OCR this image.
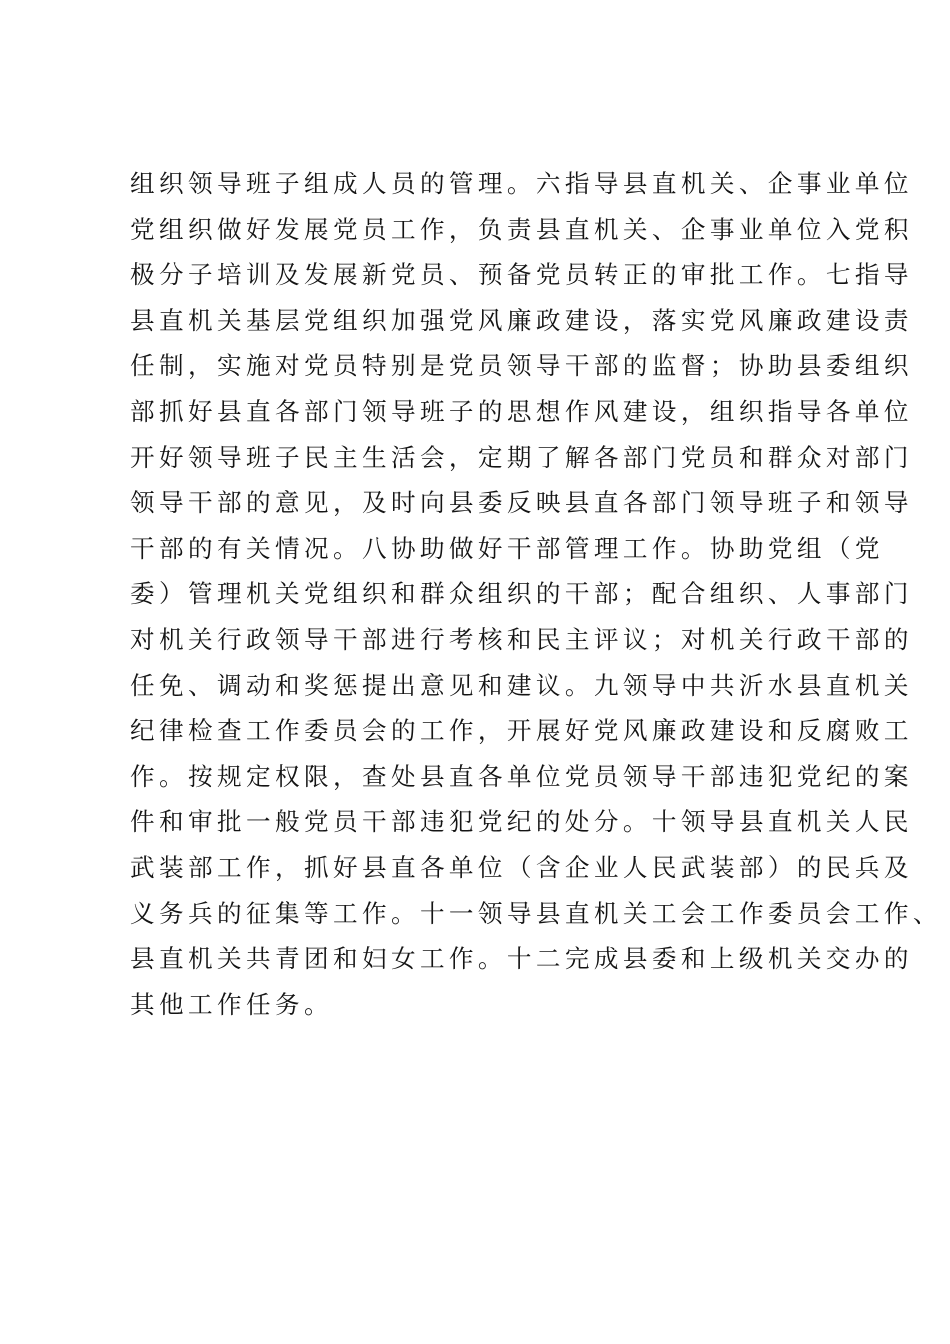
组织领导班子组成人员的管理。六指导县直机关、企事业单位
党组织做好发展党员工作，负责县直机关、企事业单位入党积
极分子培训及发展新党员、预备党员转正的审批工作。七指导
县直机关基层党组织加强党风廉政建设，落实党风廉政建设责
任制，实施对党员特别是党员领导干部的监督；协助县委组织
部抓好县直各部门领导班子的思想作风建设，组织指导各单位
开好领导班子民主生活会，定期了解各部门党员和群众对部门
领导干部的意见，及时向县委反映县直各部门领导班子和领导
干部的有关情况。八协助做好干部管理工作。协助党组（党
委）管理机关党组织和群众组织的干部；配合组织、人事部门
对机关行政领导干部进行考核和民主评议；对机关行政干部的
任免、调动和奖惩提出意见和建议。九领导中共沂水县直机关
纪律检查工作委员会的工作，开展好党风廉政建设和反腐败工
作。按规定权限，查处县直各单位党员领导干部违犯党纪的案
件和审批一般党员干部违犯党纪的处分。十领导县直机关人民
武装部工作，抓好县直各单位（含企业人民武装部）的民兵及
义务兵的征集等工作。十一领导县直机关工会工作委员会工作、
县直机关共青团和妇女工作。十二完成县委和上级机关交办的
其他工作任务。
